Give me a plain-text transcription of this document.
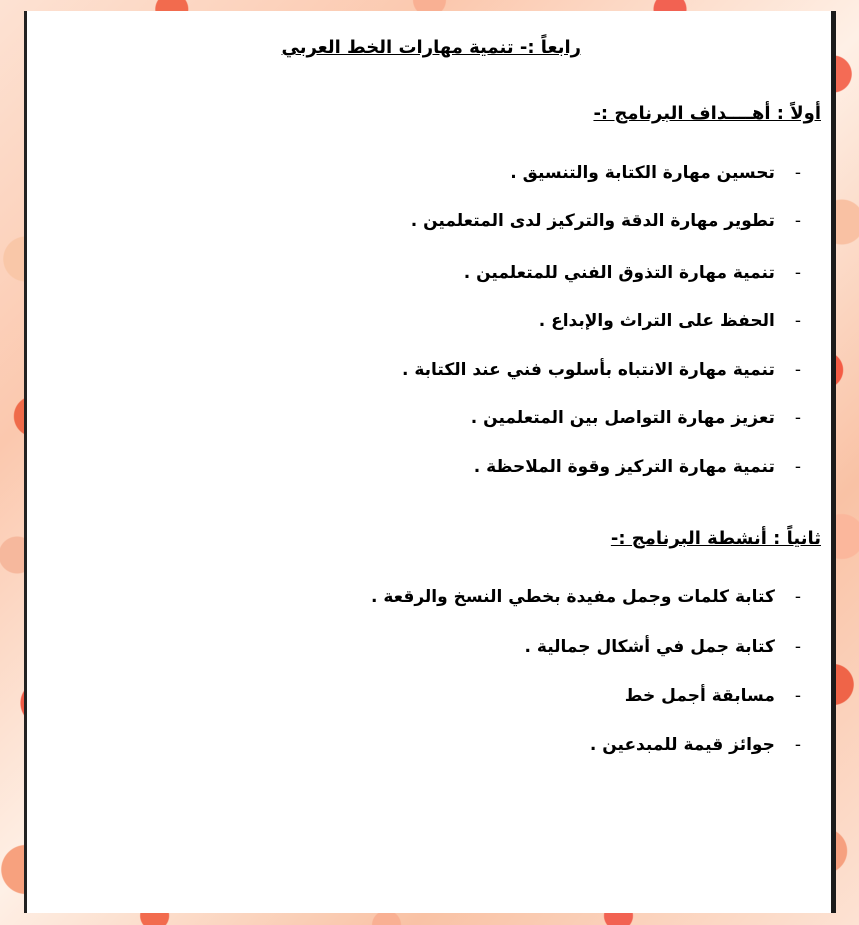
رابعاً :- تنمية مهارات الخط العربي
أولاً : أهــــداف البرنامج :-
-
تحسين مهارة الكتابة والتنسيق .
-
تطوير مهارة الدقة والتركيز لدى المتعلمين .
-
تنمية مهارة التذوق الفني للمتعلمين .
-
الحفظ على التراث والإبداع .
-
تنمية مهارة الانتباه بأسلوب فني عند الكتابة .
-
تعزيز مهارة التواصل بين المتعلمين .
-
تنمية مهارة التركيز وقوة الملاحظة .
ثانياً : أنشطة البرنامج :-
-
كتابة كلمات وجمل مفيدة بخطي النسخ والرقعة .
-
كتابة جمل في أشكال جمالية .
-
مسابقة أجمل خط
-
جوائز قيمة للمبدعين .
